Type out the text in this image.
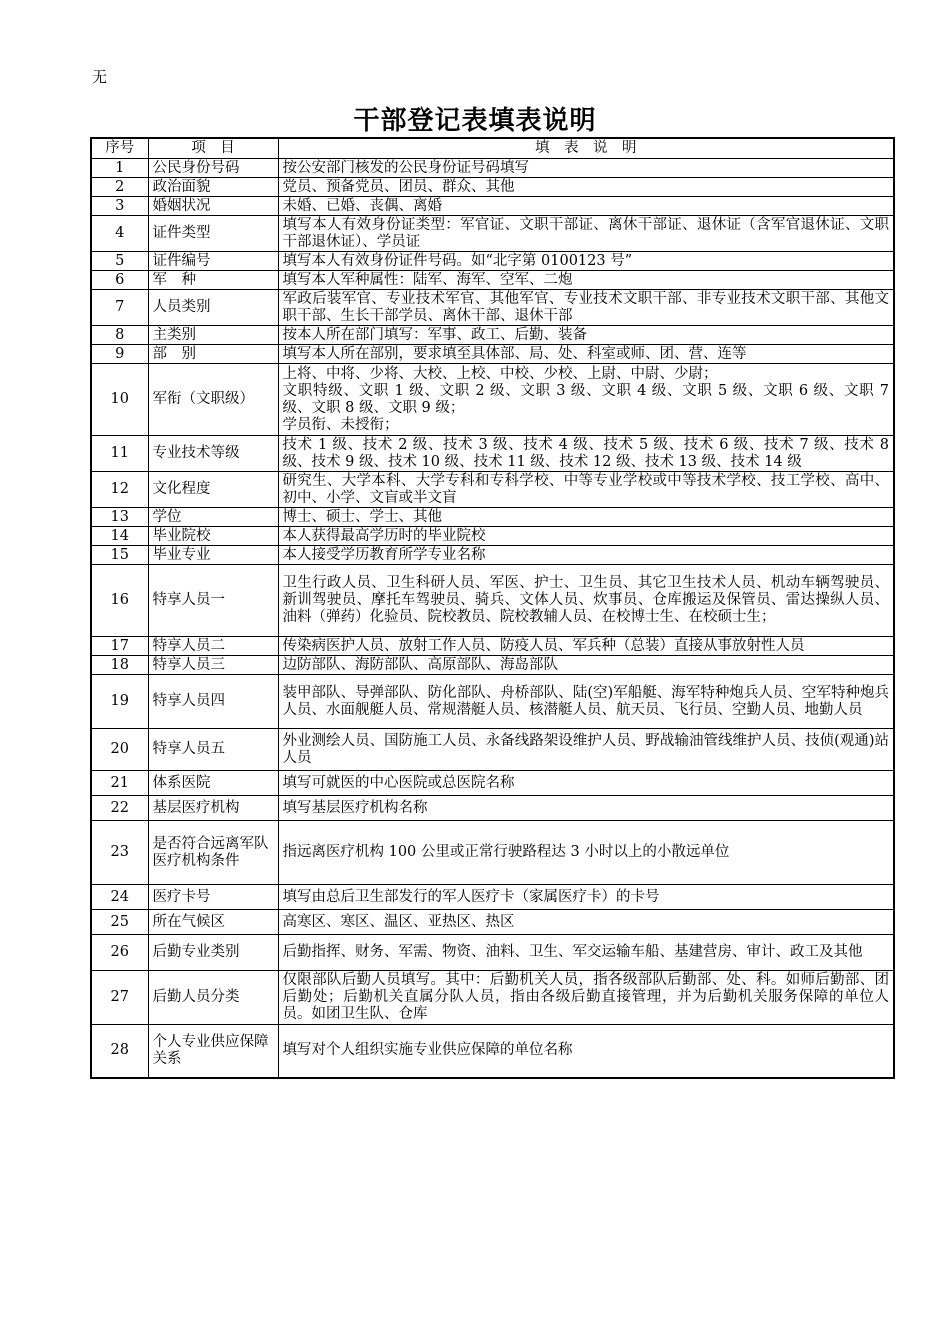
无
干部登记表填表说明
序号	项　目	填　表　说　明
1	公民身份号码	按公安部门核发的公民身份证号码填写

2	政治面貌	党员、预备党员、团员、群众、其他

3	婚姻状况	未婚、已婚、丧偶、离婚

4	证件类型	填写本人有效身份证类型：军官证、文职干部证、离休干部证、退休证（含军官退休证、文职干部退休证）、学员证

5	证件编号	填写本人有效身份证件号码。如“北字第 0100123 号”

6	军　种	填写本人军种属性：陆军、海军、空军、二炮

7	人员类别	军政后装军官、专业技术军官、其他军官、专业技术文职干部、非专业技术文职干部、其他文职干部、生长干部学员、离休干部、退休干部

8	主类别	按本人所在部门填写：军事、政工、后勤、装备

9	部　别	填写本人所在部别，要求填至具体部、局、处、科室或师、团、营、连等

10	军衔（文职级）	上将、中将、少将、大校、上校、中校、少校、上尉、中尉、少尉；
文职特级、文职 1 级、文职 2 级、文职 3 级、文职 4 级、文职 5 级、文职 6 级、文职 7 级、文职 8 级、文职 9 级；
学员衔、未授衔；

11	专业技术等级	技术 1 级、技术 2 级、技术 3 级、技术 4 级、技术 5 级、技术 6 级、技术 7 级、技术 8 级、技术 9 级、技术 10 级、技术 11 级、技术 12 级、技术 13 级、技术 14 级

12	文化程度	研究生、大学本科、大学专科和专科学校、中等专业学校或中等技术学校、技工学校、高中、初中、小学、文盲或半文盲

13	学位	博士、硕士、学士、其他

14	毕业院校	本人获得最高学历时的毕业院校

15	毕业专业	本人接受学历教育所学专业名称

16	特享人员一	卫生行政人员、卫生科研人员、军医、护士、卫生员、其它卫生技术人员、机动车辆驾驶员、新训驾驶员、摩托车驾驶员、骑兵、文体人员、炊事员、仓库搬运及保管员、雷达操纵人员、油料（弹药）化验员、院校教员、院校教辅人员、在校博士生、在校硕士生；

17	特享人员二	传染病医护人员、放射工作人员、防疫人员、军兵种（总装）直接从事放射性人员

18	特享人员三	边防部队、海防部队、高原部队、海岛部队

19	特享人员四	装甲部队、导弹部队、防化部队、舟桥部队、陆(空)军船艇、海军特种炮兵人员、空军特种炮兵人员、水面舰艇人员、常规潜艇人员、核潜艇人员、航天员、飞行员、空勤人员、地勤人员

20	特享人员五	外业测绘人员、国防施工人员、永备线路架设维护人员、野战输油管线维护人员、技侦(观通)站人员

21	体系医院	填写可就医的中心医院或总医院名称

22	基层医疗机构	填写基层医疗机构名称

23	是否符合远离军队医疗机构条件	指远离医疗机构 100 公里或正常行驶路程达 3 小时以上的小散远单位

24	医疗卡号	填写由总后卫生部发行的军人医疗卡（家属医疗卡）的卡号

25	所在气候区	高寒区、寒区、温区、亚热区、热区

26	后勤专业类别	后勤指挥、财务、军需、物资、油料、卫生、军交运输车船、基建营房、审计、政工及其他

27	后勤人员分类	仅限部队后勤人员填写。其中：后勤机关人员，指各级部队后勤部、处、科。如师后勤部、团后勤处；后勤机关直属分队人员，指由各级后勤直接管理，并为后勤机关服务保障的单位人员。如团卫生队、仓库

28	个人专业供应保障关系	填写对个人组织实施专业供应保障的单位名称
